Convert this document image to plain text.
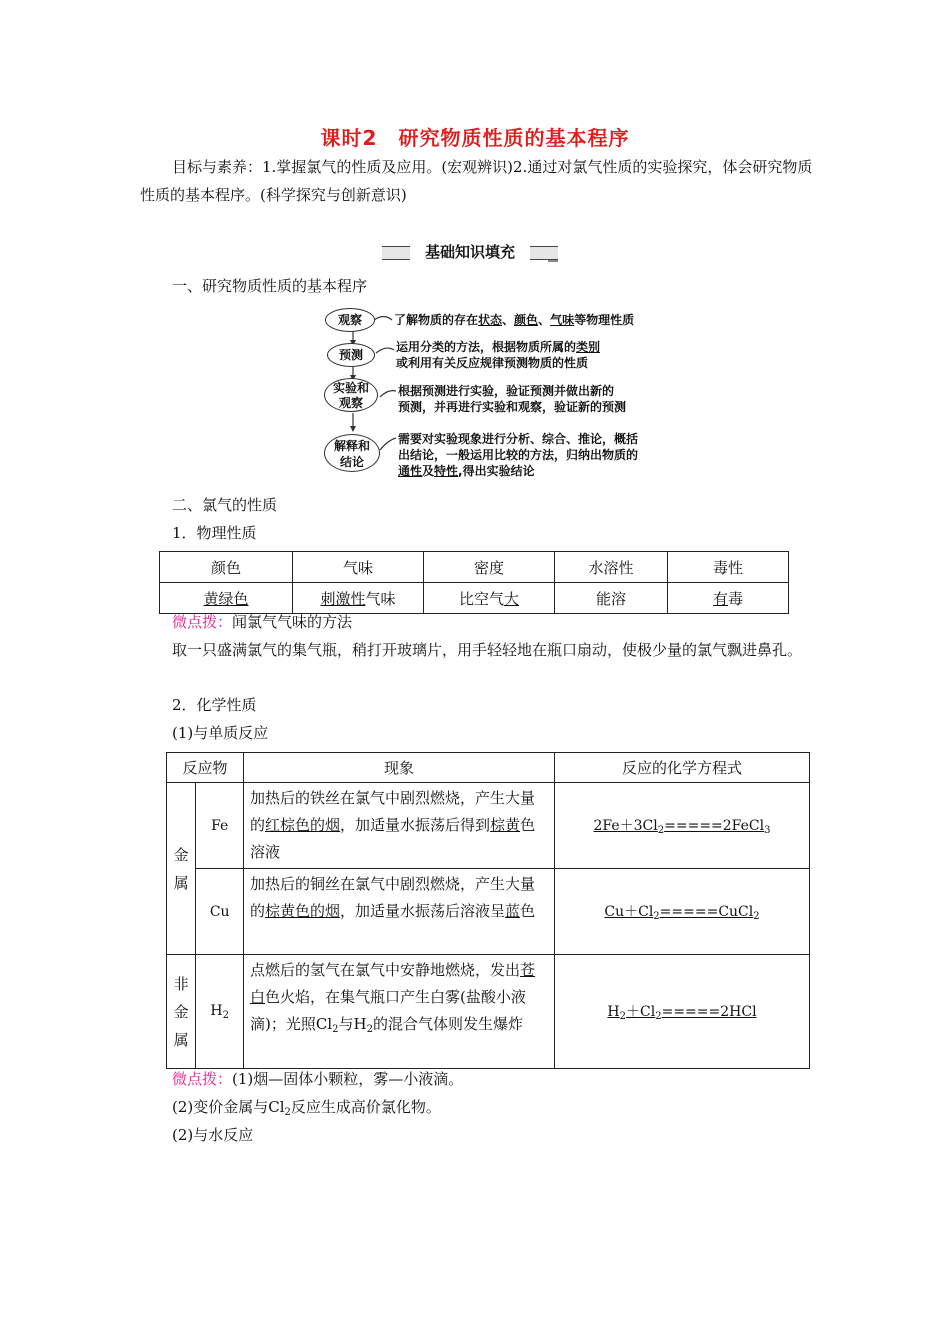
课时2　研究物质性质的基本程序
目标与素养：1.掌握氯气的性质及应用。(宏观辨识)2.通过对氯气性质的实验探究，体会研究物质性质的基本程序。(科学探究与创新意识)
基础知识填充
一、研究物质性质的基本程序
观察	了解物质的存在状态、颜色、气味等物理性质
预测
运用分类的方法，根据物质所属的类别
或利用有关反应规律预测物质的性质
实验和
观察
根据预测进行实验，验证预测并做出新的
预测，并再进行实验和观察，验证新的预测
解释和
结论
需要对实验现象进行分析、综合、推论，概括
出结论，一般运用比较的方法，归纳出物质的
通性及特性,得出实验结论
二、氯气的性质
1．物理性质
颜色	气味	密度	水溶性	毒性
黄绿色	刺激性气味	比空气大	能溶	有毒
微点拨：闻氯气气味的方法
取一只盛满氯气的集气瓶，稍打开玻璃片，用手轻轻地在瓶口扇动，使极少量的氯气飘进鼻孔。
2．化学性质
(1)与单质反应
反应物		现象	反应的化学方程式
金
属	Fe	加热后的铁丝在氯气中剧烈燃烧，产生大量的红棕色的烟，加适量水振荡后得到棕黄色溶液	$2Fe+3Cl_2=====2FeCl_3$
	Cu	加热后的铜丝在氯气中剧烈燃烧，产生大量的棕黄色的烟，加适量水振荡后溶液呈蓝色	$Cu+Cl_2=====CuCl_2$
非
金
属	$H_2$	点燃后的氢气在氯气中安静地燃烧，发出苍白色火焰，在集气瓶口产生白雾(盐酸小液滴)；光照$Cl_2$与$H_2$的混合气体则发生爆炸	$H_2+Cl_2=====2HCl$
微点拨：(1)烟—固体小颗粒，雾—小液滴。
(2)变价金属与$Cl_2$反应生成高价氯化物。
(2)与水反应
